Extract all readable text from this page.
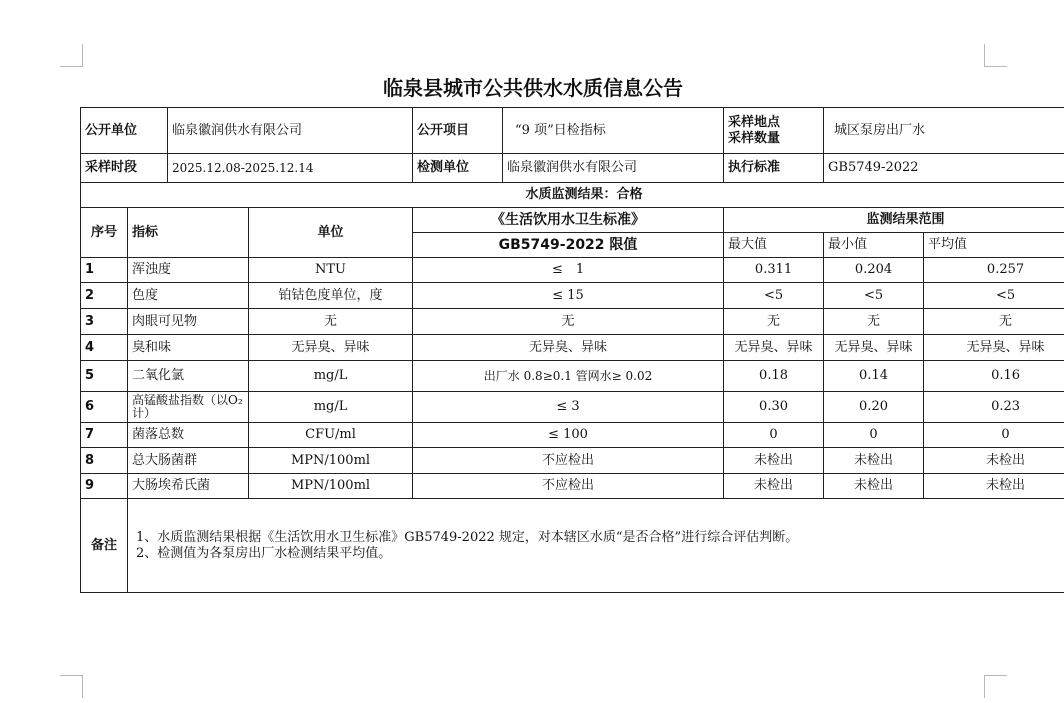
临泉县城市公共供水水质信息公告
公开单位		临泉徽润供水有限公司		公开项目	“9 项”日检指标	采样地点
采样数量	城区泵房出厂水	
采样时段		2025.12.08-2025.12.14		检测单位	临泉徽润供水有限公司	执行标准	GB5749-2022	
水质监测结果：合格								
序号	指标		单位	《生活饮用水卫生标准》		监测结果范围		
				GB5749-2022 限值		最大值	最小值	平均值
1	浑浊度		NTU	≤　1		0.311	0.204	0.257
2	色度		铂钴色度单位，度	≤ 15		<5	<5	<5
3	肉眼可见物		无	无		无	无	无
4	臭和味		无异臭、异味	无异臭、异味		无异臭、异味	无异臭、异味	无异臭、异味
5	二氧化氯		mg/L	出厂水 0.8≥0.1 管网水≥ 0.02		0.18	0.14	0.16
6	高锰酸盐指数（以O₂计）		mg/L	≤ 3		0.30	0.20	0.23
7	菌落总数		CFU/ml	≤ 100		0	0	0
8	总大肠菌群		MPN/100ml	不应检出		未检出	未检出	未检出
9	大肠埃希氏菌		MPN/100ml	不应检出		未检出	未检出	未检出
备注	1、水质监测结果根据《生活饮用水卫生标准》GB5749-2022 规定，对本辖区水质“是否合格”进行综合评估判断。
2、检测值为各泵房出厂水检测结果平均值。							
